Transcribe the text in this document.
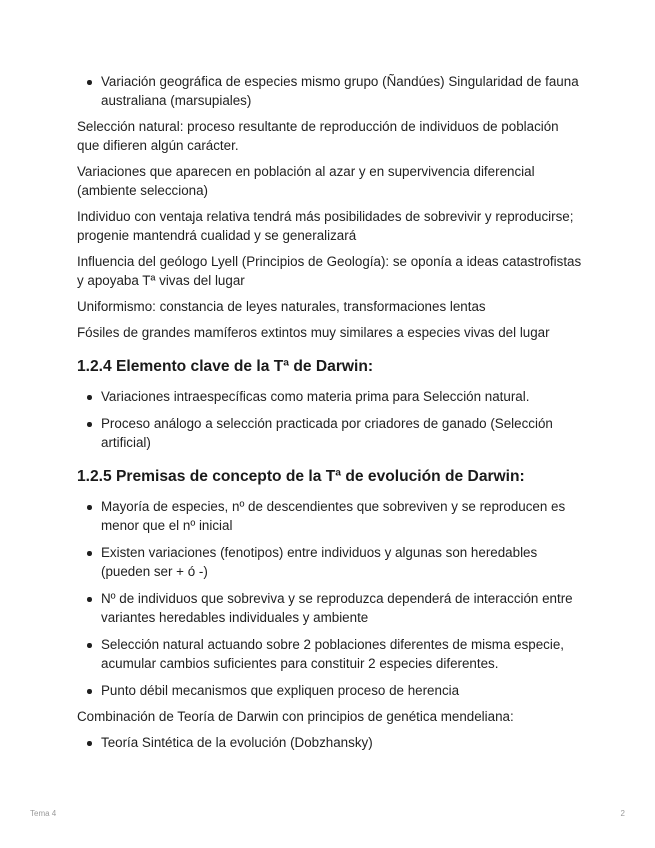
Variación geográfica de especies mismo grupo (Ñandúes) Singularidad de fauna australiana (marsupiales)

Selección natural: proceso resultante de reproducción de individuos de población que difieren algún carácter.

Variaciones que aparecen en población al azar y en supervivencia diferencial (ambiente selecciona)

Individuo con ventaja relativa tendrá más posibilidades de sobrevivir y reproducirse; progenie mantendrá cualidad y se generalizará

Influencia del geólogo Lyell (Principios de Geología): se oponía a ideas catastrofistas y apoyaba Tª vivas del lugar

Uniformismo: constancia de leyes naturales, transformaciones lentas

Fósiles de grandes mamíferos extintos muy similares a especies vivas del lugar

1.2.4 Elemento clave de la Tª de Darwin:
Variaciones intraespecíficas como materia prima para Selección natural.
Proceso análogo a selección practicada por criadores de ganado (Selección artificial)
1.2.5 Premisas de concepto de la Tª de evolución de Darwin:
Mayoría de especies, nº de descendientes que sobreviven y se reproducen es menor que el nº inicial
Existen variaciones (fenotipos) entre individuos y algunas son heredables (pueden ser + ó -)
Nº de individuos que sobreviva y se reproduzca dependerá de interacción entre variantes heredables individuales y ambiente
Selección natural actuando sobre 2 poblaciones diferentes de misma especie, acumular cambios suficientes para constituir 2 especies diferentes.
Punto débil mecanismos que expliquen proceso de herencia

Combinación de Teoría de Darwin con principios de genética mendeliana:

Teoría Sintética de la evolución (Dobzhansky)
Tema 4	2
